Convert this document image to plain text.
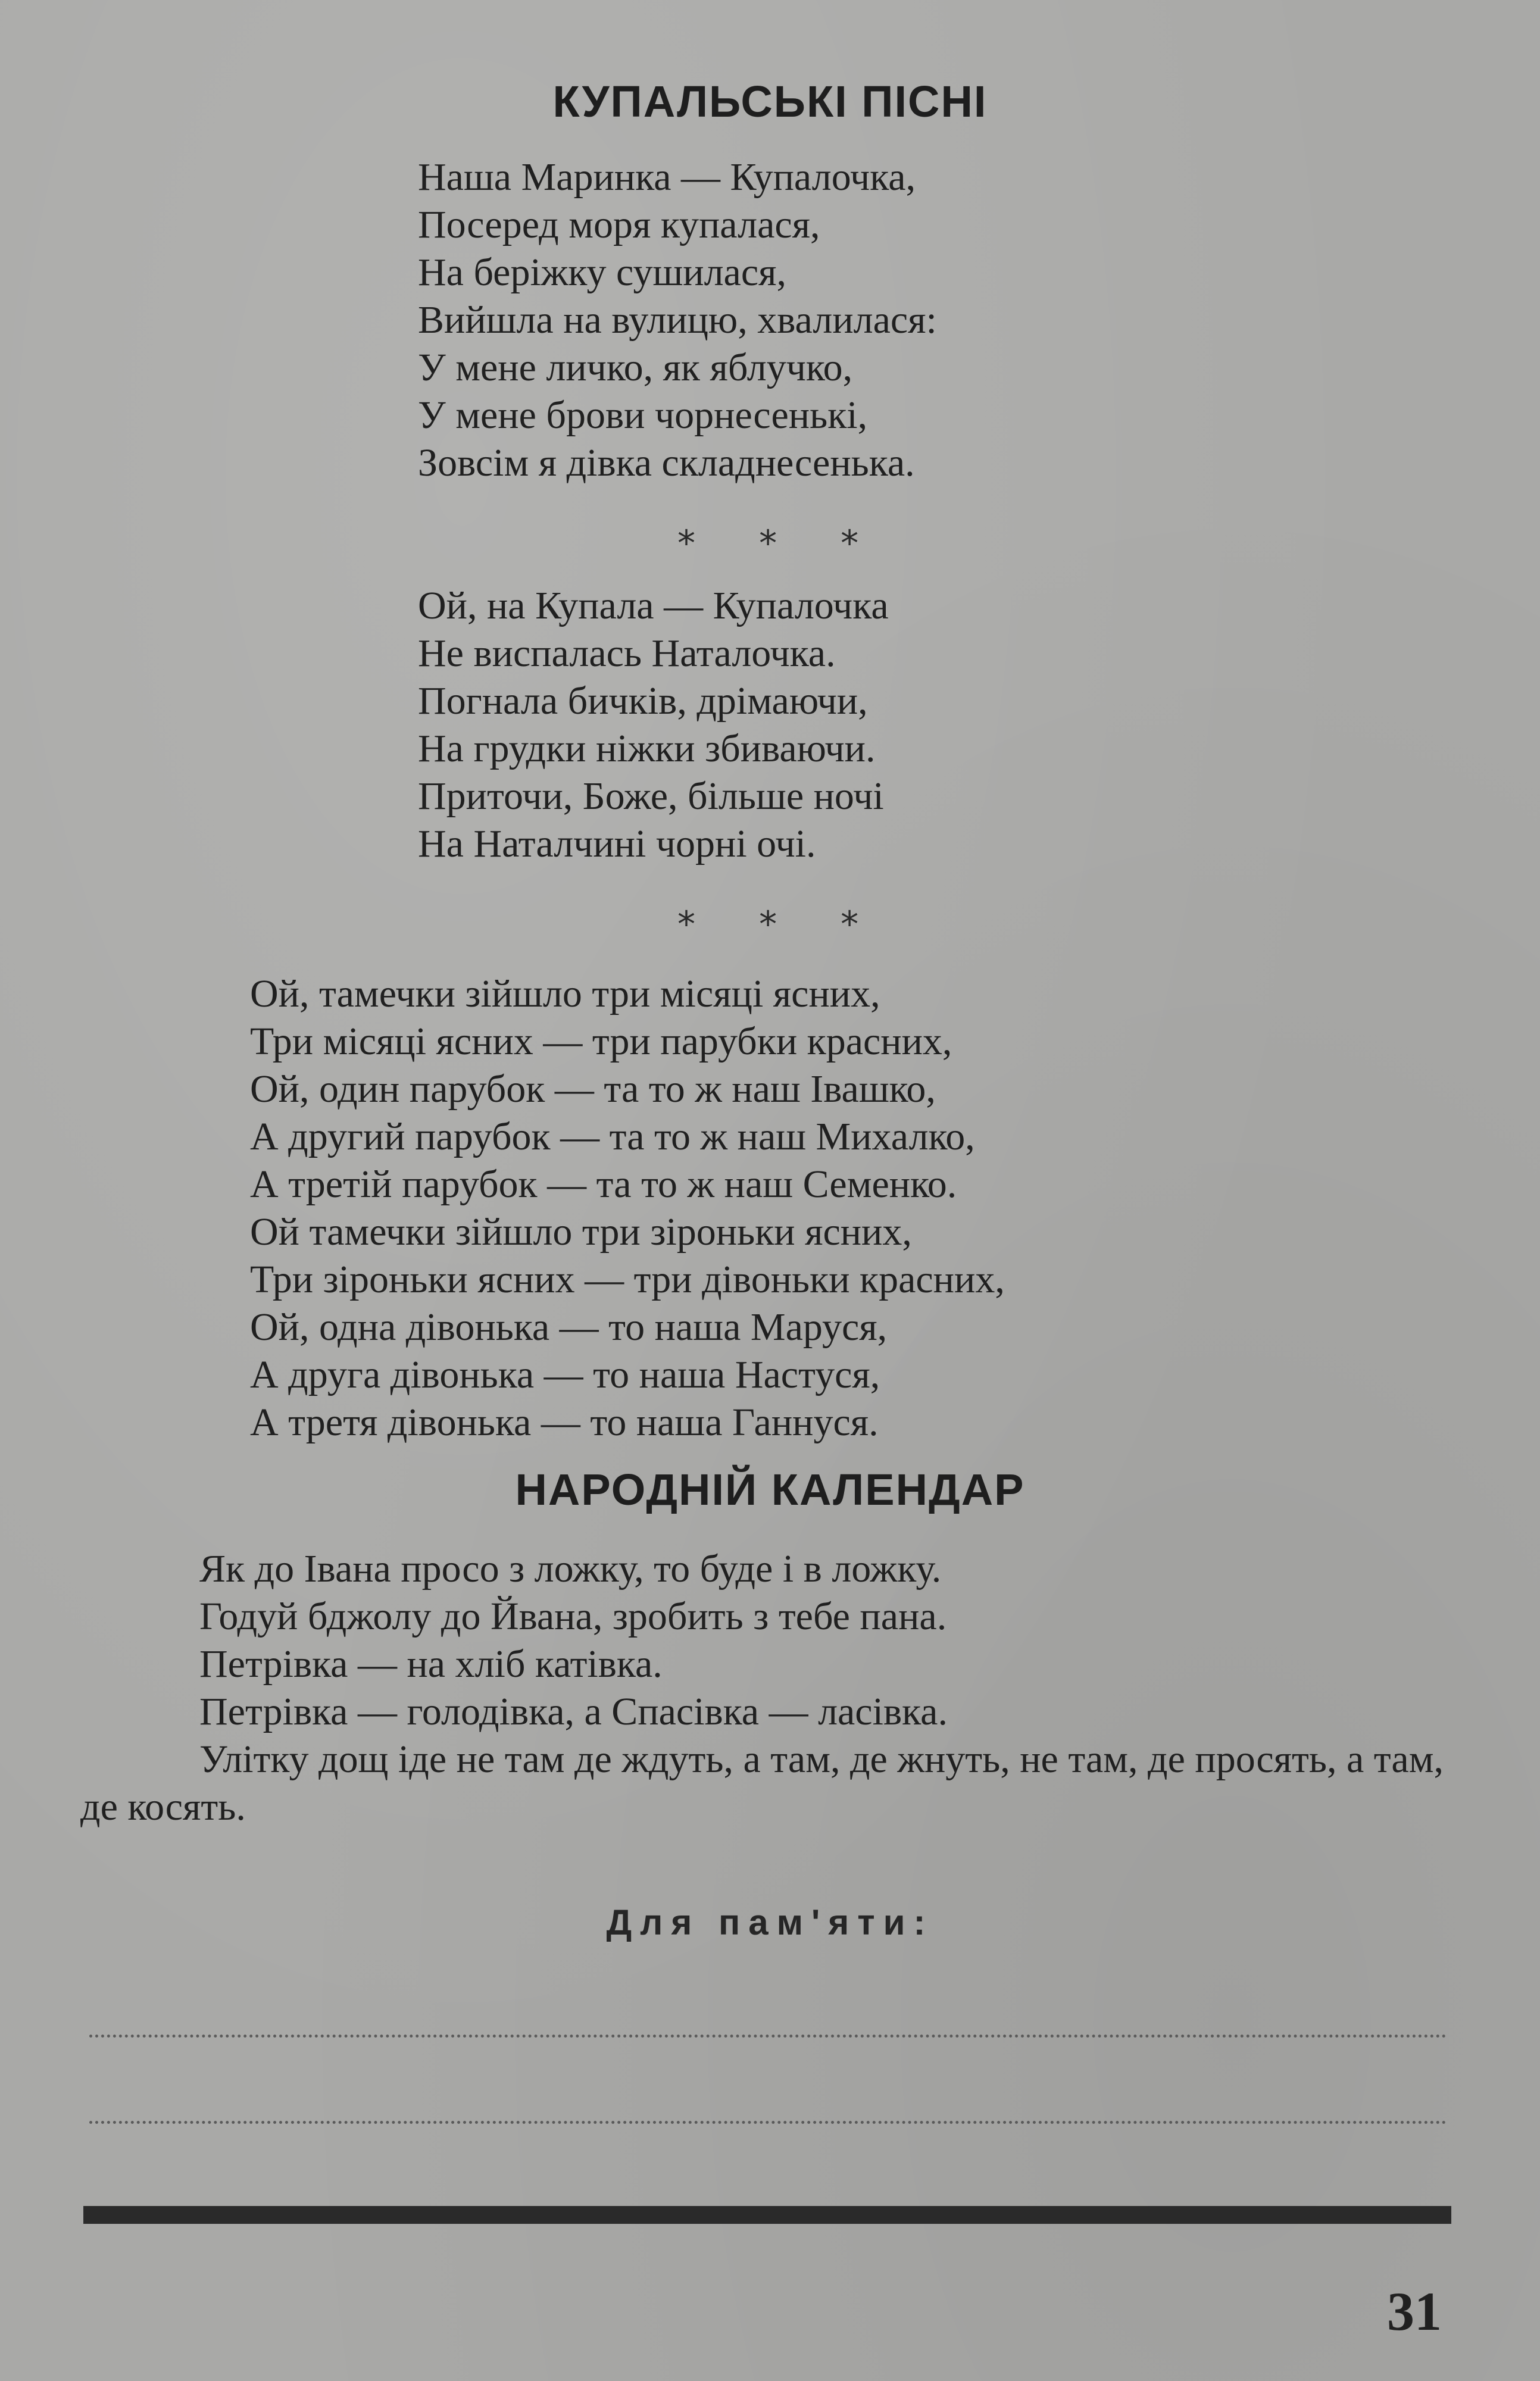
КУПАЛЬСЬКІ ПІСНІ
Наша Маринка — Купалочка,
Посеред моря купалася,
На беріжку сушилася,
Вийшла на вулицю, хвалилася:
У мене личко, як яблучко,
У мене брови чорнесенькі,
Зовсім я дівка складнесенька.
* * *
Ой, на Купала — Купалочка
Не виспалась Наталочка.
Погнала бичків, дрімаючи,
На грудки ніжки збиваючи.
Приточи, Боже, більше ночі
На Наталчині чорні очі.
* * *
Ой, тамечки зійшло три місяці ясних,
Три місяці ясних — три парубки красних,
Ой, один парубок — та то ж наш Івашко,
А другий парубок — та то ж наш Михалко,
А третій парубок — та то ж наш Семенко.
Ой тамечки зійшло три зіроньки ясних,
Три зіроньки ясних — три дівоньки красних,
Ой, одна дівонька — то наша Маруся,
А друга дівонька — то наша Настуся,
А третя дівонька — то наша Ганнуся.
НАРОДНІЙ КАЛЕНДАР
Як до Івана просо з ложку, то буде і в ложку.
Годуй бджолу до Йвана, зробить з тебе пана.
Петрівка — на хліб катівка.
Петрівка — голодівка, а Спасівка — ласівка.
Улітку дощ іде не там де ждуть, а там, де жнуть, не там, де просять, а там, де косять.
Для пам'яти:
31
